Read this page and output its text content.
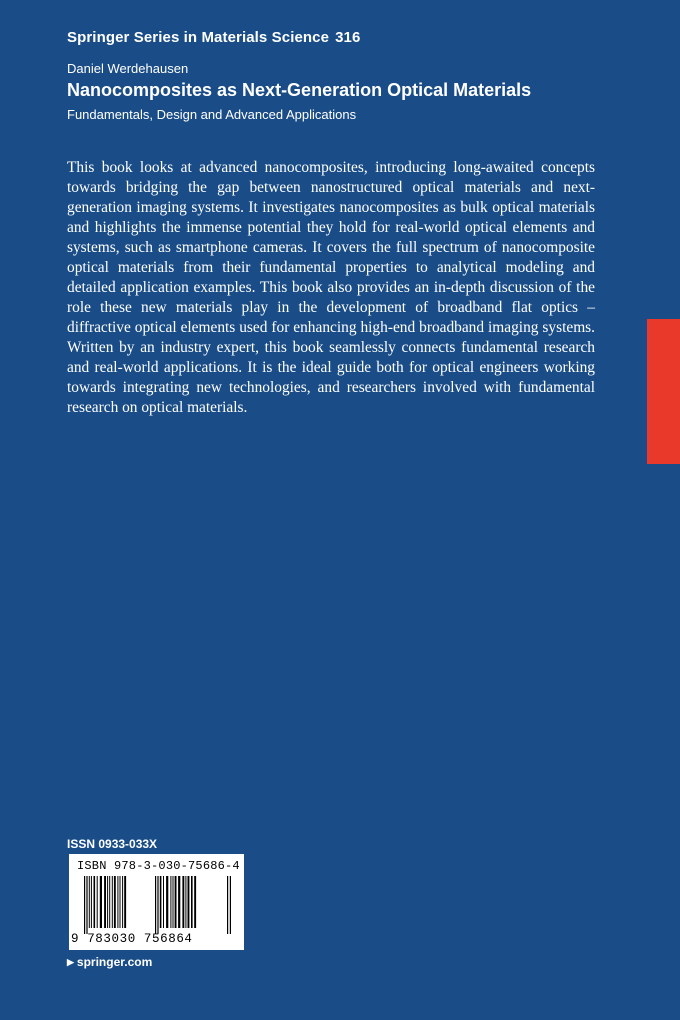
Springer Series in Materials Science 316
Daniel Werdehausen
Nanocomposites as Next-Generation Optical Materials
Fundamentals, Design and Advanced Applications

This book looks at advanced nanocomposites, introducing long-awaited concepts towards bridging the gap between nanostructured optical materials and next-generation imaging systems. It investigates nanocomposites as bulk optical materials and highlights the immense potential they hold for real-world optical elements and systems, such as smartphone cameras. It covers the full spectrum of nanocomposite optical materials from their fundamental properties to analytical modeling and detailed application examples. This book also provides an in-depth discussion of the role these new materials play in the development of broadband flat optics – diffractive optical elements used for enhancing high-end broadband imaging systems. Written by an industry expert, this book seamlessly connects fundamental research and real-world applications. It is the ideal guide both for optical engineers working towards integrating new technologies, and researchers involved with fundamental research on optical materials.

ISSN 0933-033X
ISBN 978-3-030-75686-4
9 783030 756864
▶ springer.com
